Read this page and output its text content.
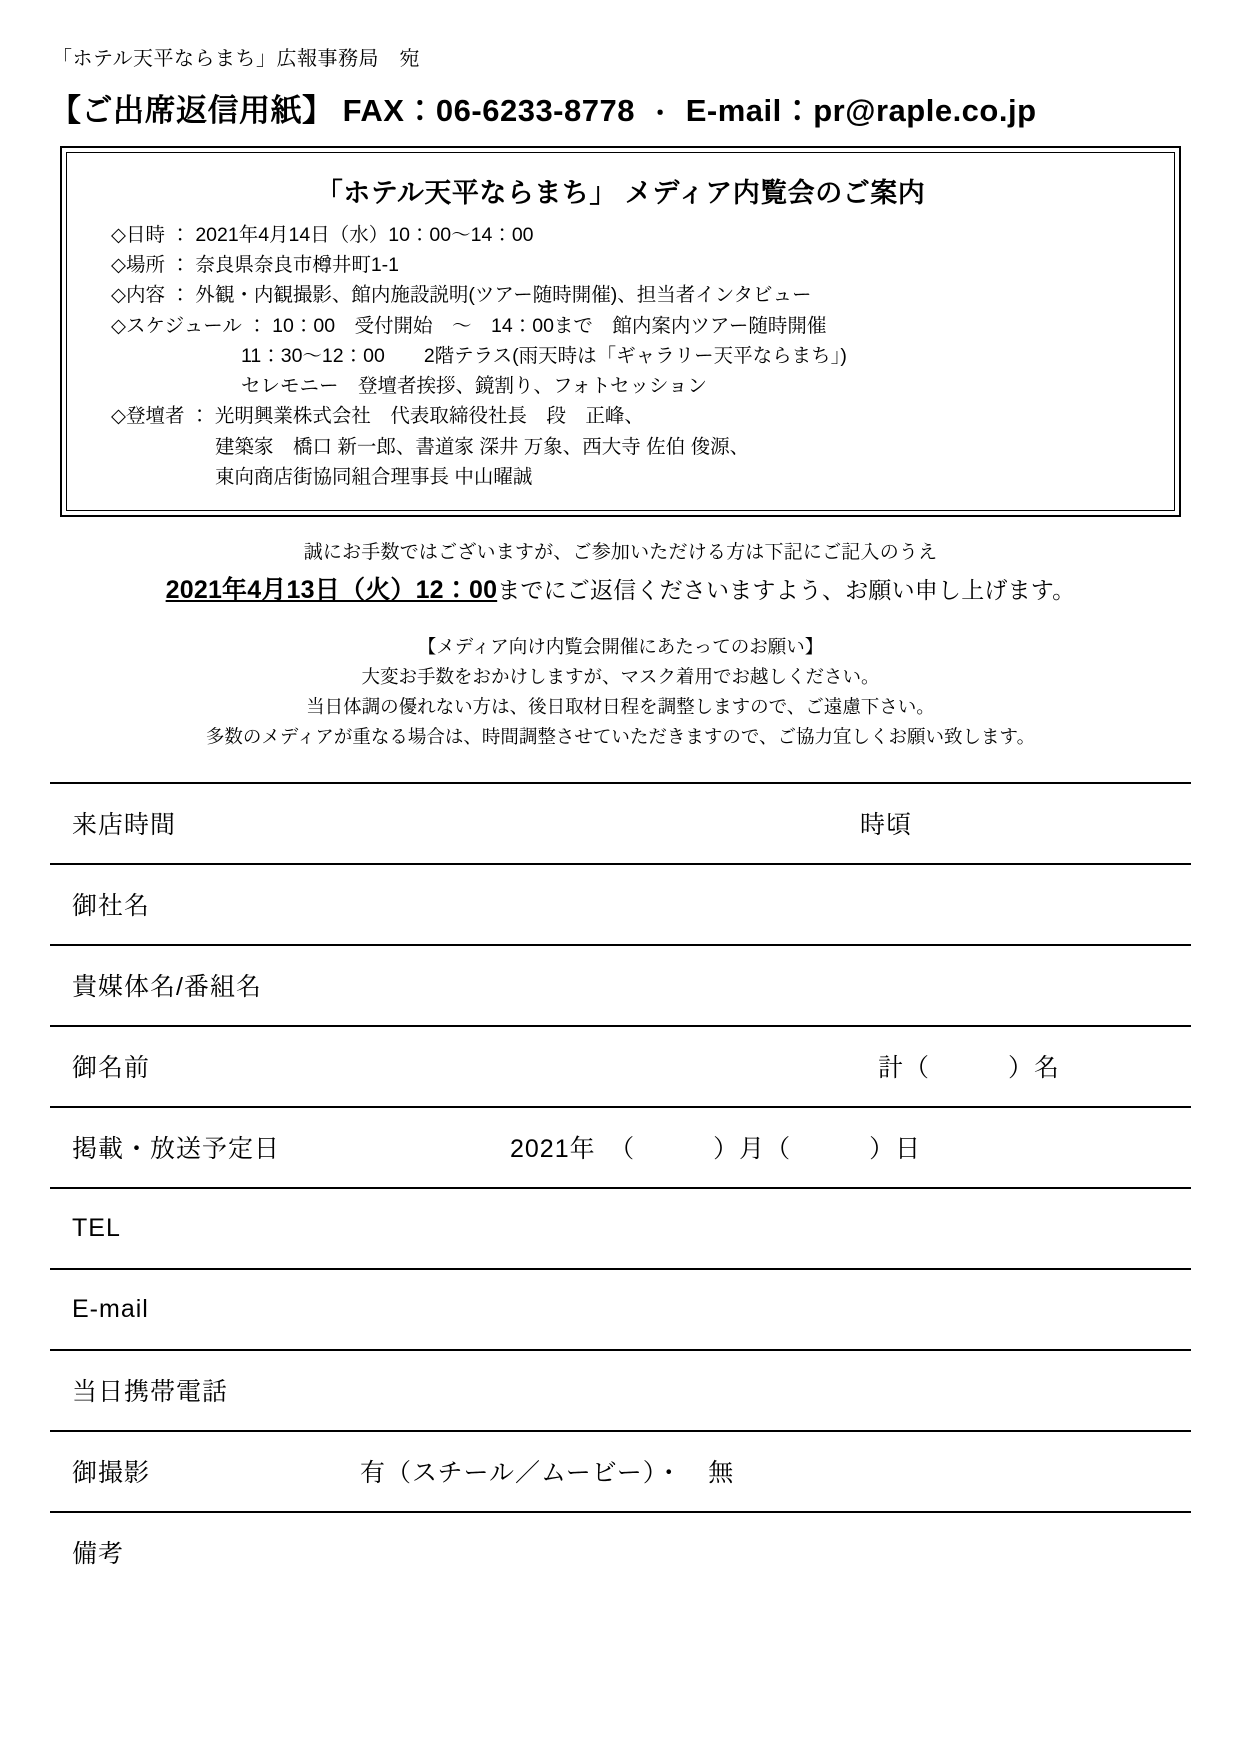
「ホテル天平ならまち」広報事務局　宛
【ご出席返信用紙】 FAX：06-6233-8778 ・ E-mail：pr@raple.co.jp
「ホテル天平ならまち」 メディア内覧会のご案内
◇日時 ： 2021年4月14日（水）10：00～14：00
◇場所 ： 奈良県奈良市樽井町1-1
◇内容 ： 外観・内観撮影、館内施設説明(ツアー随時開催)、担当者インタビュー
◇スケジュール ： 10：00　受付開始　～　14：00まで　館内案内ツアー随時開催
11：30～12：00　　2階テラス(雨天時は「ギャラリー天平ならまち」)
セレモニー　登壇者挨拶、鏡割り、フォトセッション
◇登壇者 ： 光明興業株式会社　代表取締役社長　段　正峰、
建築家　橋口 新一郎、書道家 深井 万象、西大寺 佐伯 俊源、
東向商店街協同組合理事長 中山曜誠
誠にお手数ではございますが、ご参加いただける方は下記にご記入のうえ
2021年4月13日（火）12：00までにご返信くださいますよう、お願い申し上げます。
【メディア向け内覧会開催にあたってのお願い】
大変お手数をおかけしますが、マスク着用でお越しください。
当日体調の優れない方は、後日取材日程を調整しますので、ご遠慮下さい。
多数のメディアが重なる場合は、時間調整させていただきますので、ご協力宜しくお願い致します。
来店時間	時頃
御社名
貴媒体名/番組名
御名前	計（　　　）名
掲載・放送予定日	2021年　（　　　）月（　　　）日
TEL
E-mail
当日携帯電話
御撮影	有（スチール／ムービー）・　無
備考
